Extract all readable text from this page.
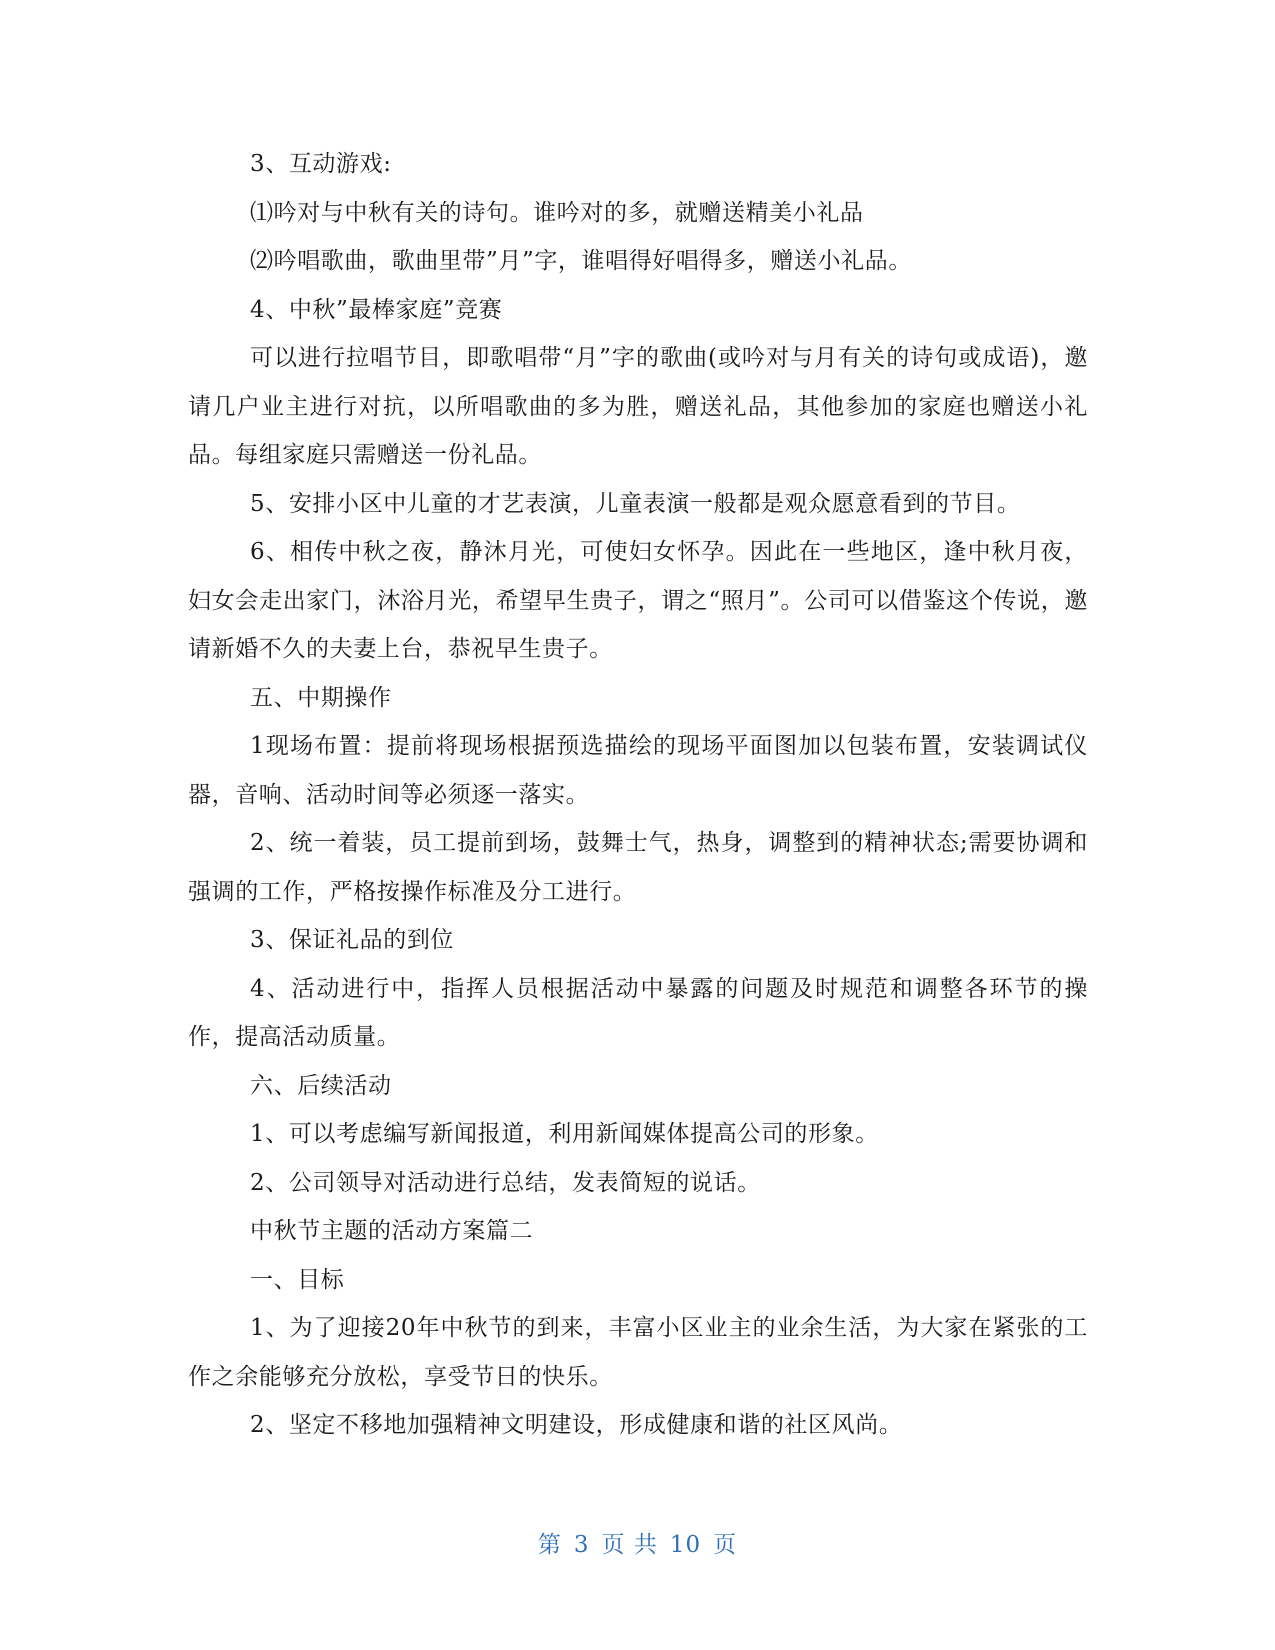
3、互动游戏:

⑴吟对与中秋有关的诗句。谁吟对的多，就赠送精美小礼品

⑵吟唱歌曲，歌曲里带”月”字，谁唱得好唱得多，赠送小礼品。

4、中秋”最棒家庭”竞赛

可以进行拉唱节目，即歌唱带“月”字的歌曲(或吟对与月有关的诗句或成语)，邀请几户业主进行对抗，以所唱歌曲的多为胜，赠送礼品，其他参加的家庭也赠送小礼品。每组家庭只需赠送一份礼品。

5、安排小区中儿童的才艺表演，儿童表演一般都是观众愿意看到的节目。

6、相传中秋之夜，静沐月光，可使妇女怀孕。因此在一些地区，逢中秋月夜，妇女会走出家门，沐浴月光，希望早生贵子，谓之“照月”。公司可以借鉴这个传说，邀请新婚不久的夫妻上台，恭祝早生贵子。

五、中期操作

1现场布置：提前将现场根据预选描绘的现场平面图加以包装布置，安装调试仪器，音响、活动时间等必须逐一落实。

2、统一着装，员工提前到场，鼓舞士气，热身，调整到的精神状态;需要协调和强调的工作，严格按操作标准及分工进行。

3、保证礼品的到位

4、活动进行中，指挥人员根据活动中暴露的问题及时规范和调整各环节的操作，提高活动质量。

六、后续活动

1、可以考虑编写新闻报道，利用新闻媒体提高公司的形象。

2、公司领导对活动进行总结，发表简短的说话。

中秋节主题的活动方案篇二

一、目标

1、为了迎接20年中秋节的到来，丰富小区业主的业余生活，为大家在紧张的工作之余能够充分放松，享受节日的快乐。

2、坚定不移地加强精神文明建设，形成健康和谐的社区风尚。

第 3 页 共 10 页
